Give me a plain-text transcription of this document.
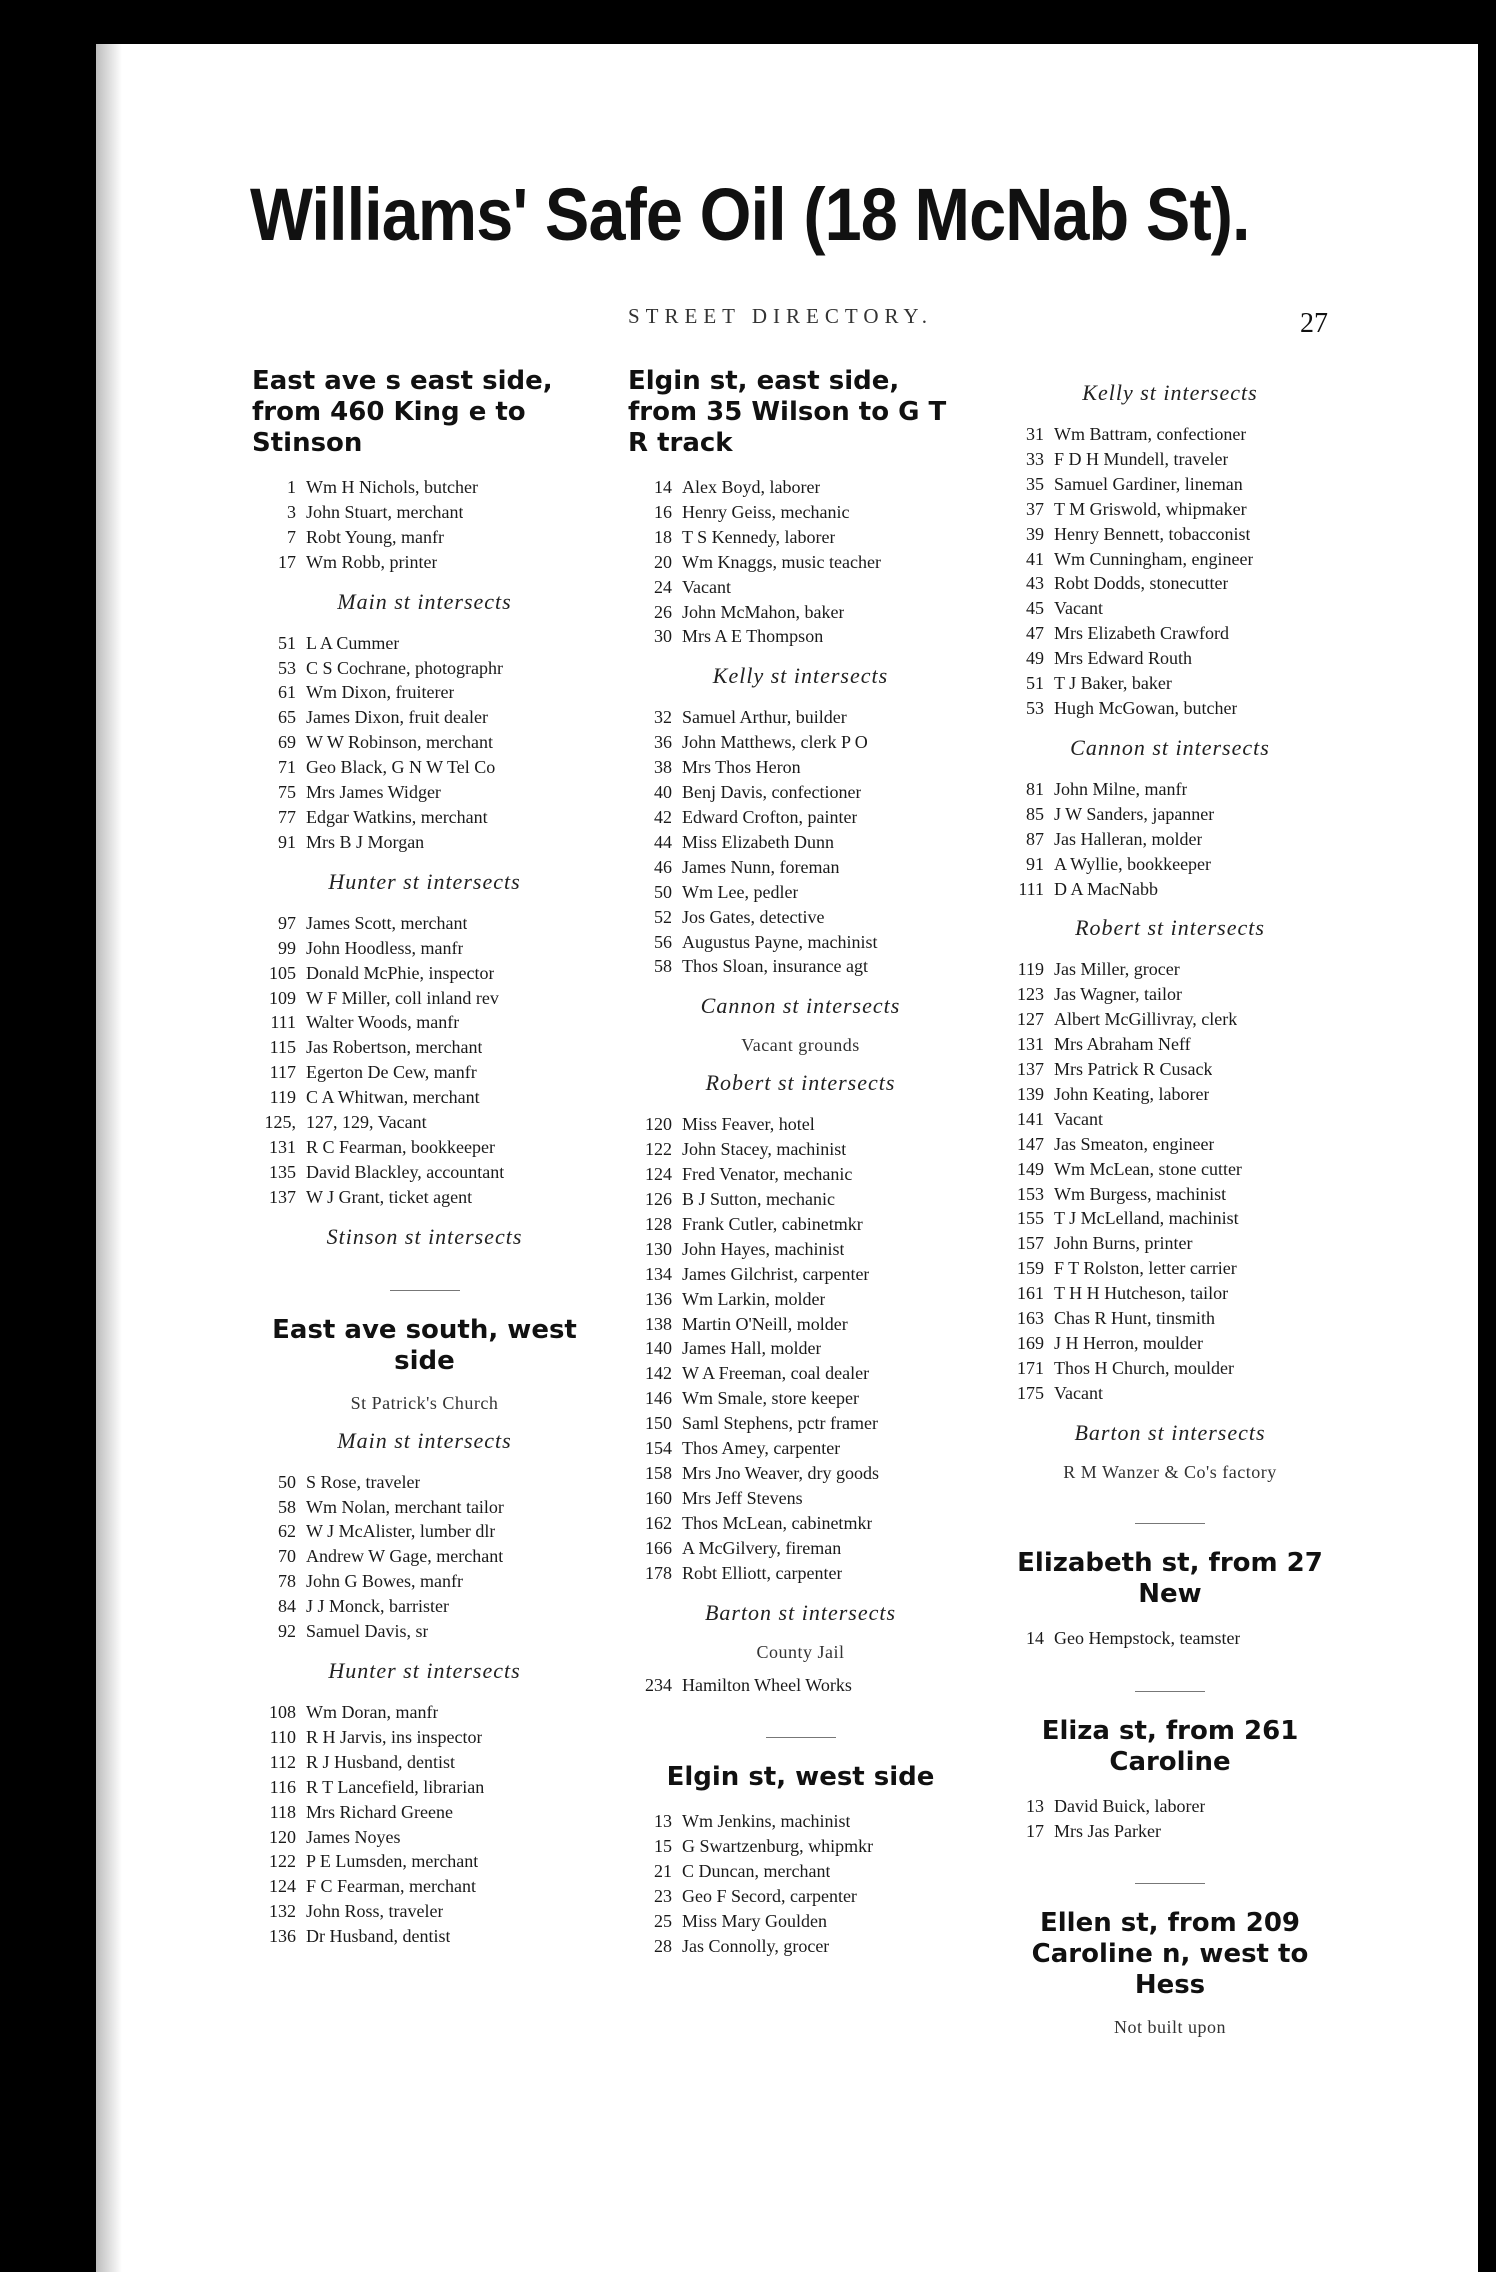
Williams' Safe Oil (18 McNab St).
STREET DIRECTORY.	27
East ave s east side, from 460 King e to Stinson
1 Wm H Nichols, butcher
3 John Stuart, merchant
7 Robt Young, manfr
17 Wm Robb, printer
Main st intersects
51 L A Cummer
53 C S Cochrane, photographr
61 Wm Dixon, fruiterer
65 James Dixon, fruit dealer
69 W W Robinson, merchant
71 Geo Black, G N W Tel Co
75 Mrs James Widger
77 Edgar Watkins, merchant
91 Mrs B J Morgan
Hunter st intersects
97 James Scott, merchant
99 John Hoodless, manfr
105 Donald McPhie, inspector
109 W F Miller, coll inland rev
111 Walter Woods, manfr
115 Jas Robertson, merchant
117 Egerton De Cew, manfr
119 C A Whitwan, merchant
125, 127, 129, Vacant
131 R C Fearman, bookkeeper
135 David Blackley, accountant
137 W J Grant, ticket agent
Stinson st intersects
East ave south, west side
St Patrick's Church
Main st intersects
50 S Rose, traveler
58 Wm Nolan, merchant tailor
62 W J McAlister, lumber dlr
70 Andrew W Gage, merchant
78 John G Bowes, manfr
84 J J Monck, barrister
92 Samuel Davis, sr
Hunter st intersects
108 Wm Doran, manfr
110 R H Jarvis, ins inspector
112 R J Husband, dentist
116 R T Lancefield, librarian
118 Mrs Richard Greene
120 James Noyes
122 P E Lumsden, merchant
124 F C Fearman, merchant
132 John Ross, traveler
136 Dr Husband, dentist
Elgin st, east side, from 35 Wilson to G T R track
14 Alex Boyd, laborer
16 Henry Geiss, mechanic
18 T S Kennedy, laborer
20 Wm Knaggs, music teacher
24 Vacant
26 John McMahon, baker
30 Mrs A E Thompson
Kelly st intersects
32 Samuel Arthur, builder
36 John Matthews, clerk P O
38 Mrs Thos Heron
40 Benj Davis, confectioner
42 Edward Crofton, painter
44 Miss Elizabeth Dunn
46 James Nunn, foreman
50 Wm Lee, pedler
52 Jos Gates, detective
56 Augustus Payne, machinist
58 Thos Sloan, insurance agt
Cannon st intersects
Vacant grounds
Robert st intersects
120 Miss Feaver, hotel
122 John Stacey, machinist
124 Fred Venator, mechanic
126 B J Sutton, mechanic
128 Frank Cutler, cabinetmkr
130 John Hayes, machinist
134 James Gilchrist, carpenter
136 Wm Larkin, molder
138 Martin O'Neill, molder
140 James Hall, molder
142 W A Freeman, coal dealer
146 Wm Smale, store keeper
150 Saml Stephens, pctr framer
154 Thos Amey, carpenter
158 Mrs Jno Weaver, dry goods
160 Mrs Jeff Stevens
162 Thos McLean, cabinetmkr
166 A McGilvery, fireman
178 Robt Elliott, carpenter
Barton st intersects
County Jail
234 Hamilton Wheel Works
Elgin st, west side
13 Wm Jenkins, machinist
15 G Swartzenburg, whipmkr
21 C Duncan, merchant
23 Geo F Secord, carpenter
25 Miss Mary Goulden
28 Jas Connolly, grocer
Kelly st intersects
31 Wm Battram, confectioner
33 F D H Mundell, traveler
35 Samuel Gardiner, lineman
37 T M Griswold, whipmaker
39 Henry Bennett, tobacconist
41 Wm Cunningham, engineer
43 Robt Dodds, stonecutter
45 Vacant
47 Mrs Elizabeth Crawford
49 Mrs Edward Routh
51 T J Baker, baker
53 Hugh McGowan, butcher
Cannon st intersects
81 John Milne, manfr
85 J W Sanders, japanner
87 Jas Halleran, molder
91 A Wyllie, bookkeeper
111 D A MacNabb
Robert st intersects
119 Jas Miller, grocer
123 Jas Wagner, tailor
127 Albert McGillivray, clerk
131 Mrs Abraham Neff
137 Mrs Patrick R Cusack
139 John Keating, laborer
141 Vacant
147 Jas Smeaton, engineer
149 Wm McLean, stone cutter
153 Wm Burgess, machinist
155 T J McLelland, machinist
157 John Burns, printer
159 F T Rolston, letter carrier
161 T H H Hutcheson, tailor
163 Chas R Hunt, tinsmith
169 J H Herron, moulder
171 Thos H Church, moulder
175 Vacant
Barton st intersects
R M Wanzer & Co's factory
Elizabeth st, from 27 New
14 Geo Hempstock, teamster
Eliza st, from 261 Caroline
13 David Buick, laborer
17 Mrs Jas Parker
Ellen st, from 209 Caroline n, west to Hess
Not built upon
